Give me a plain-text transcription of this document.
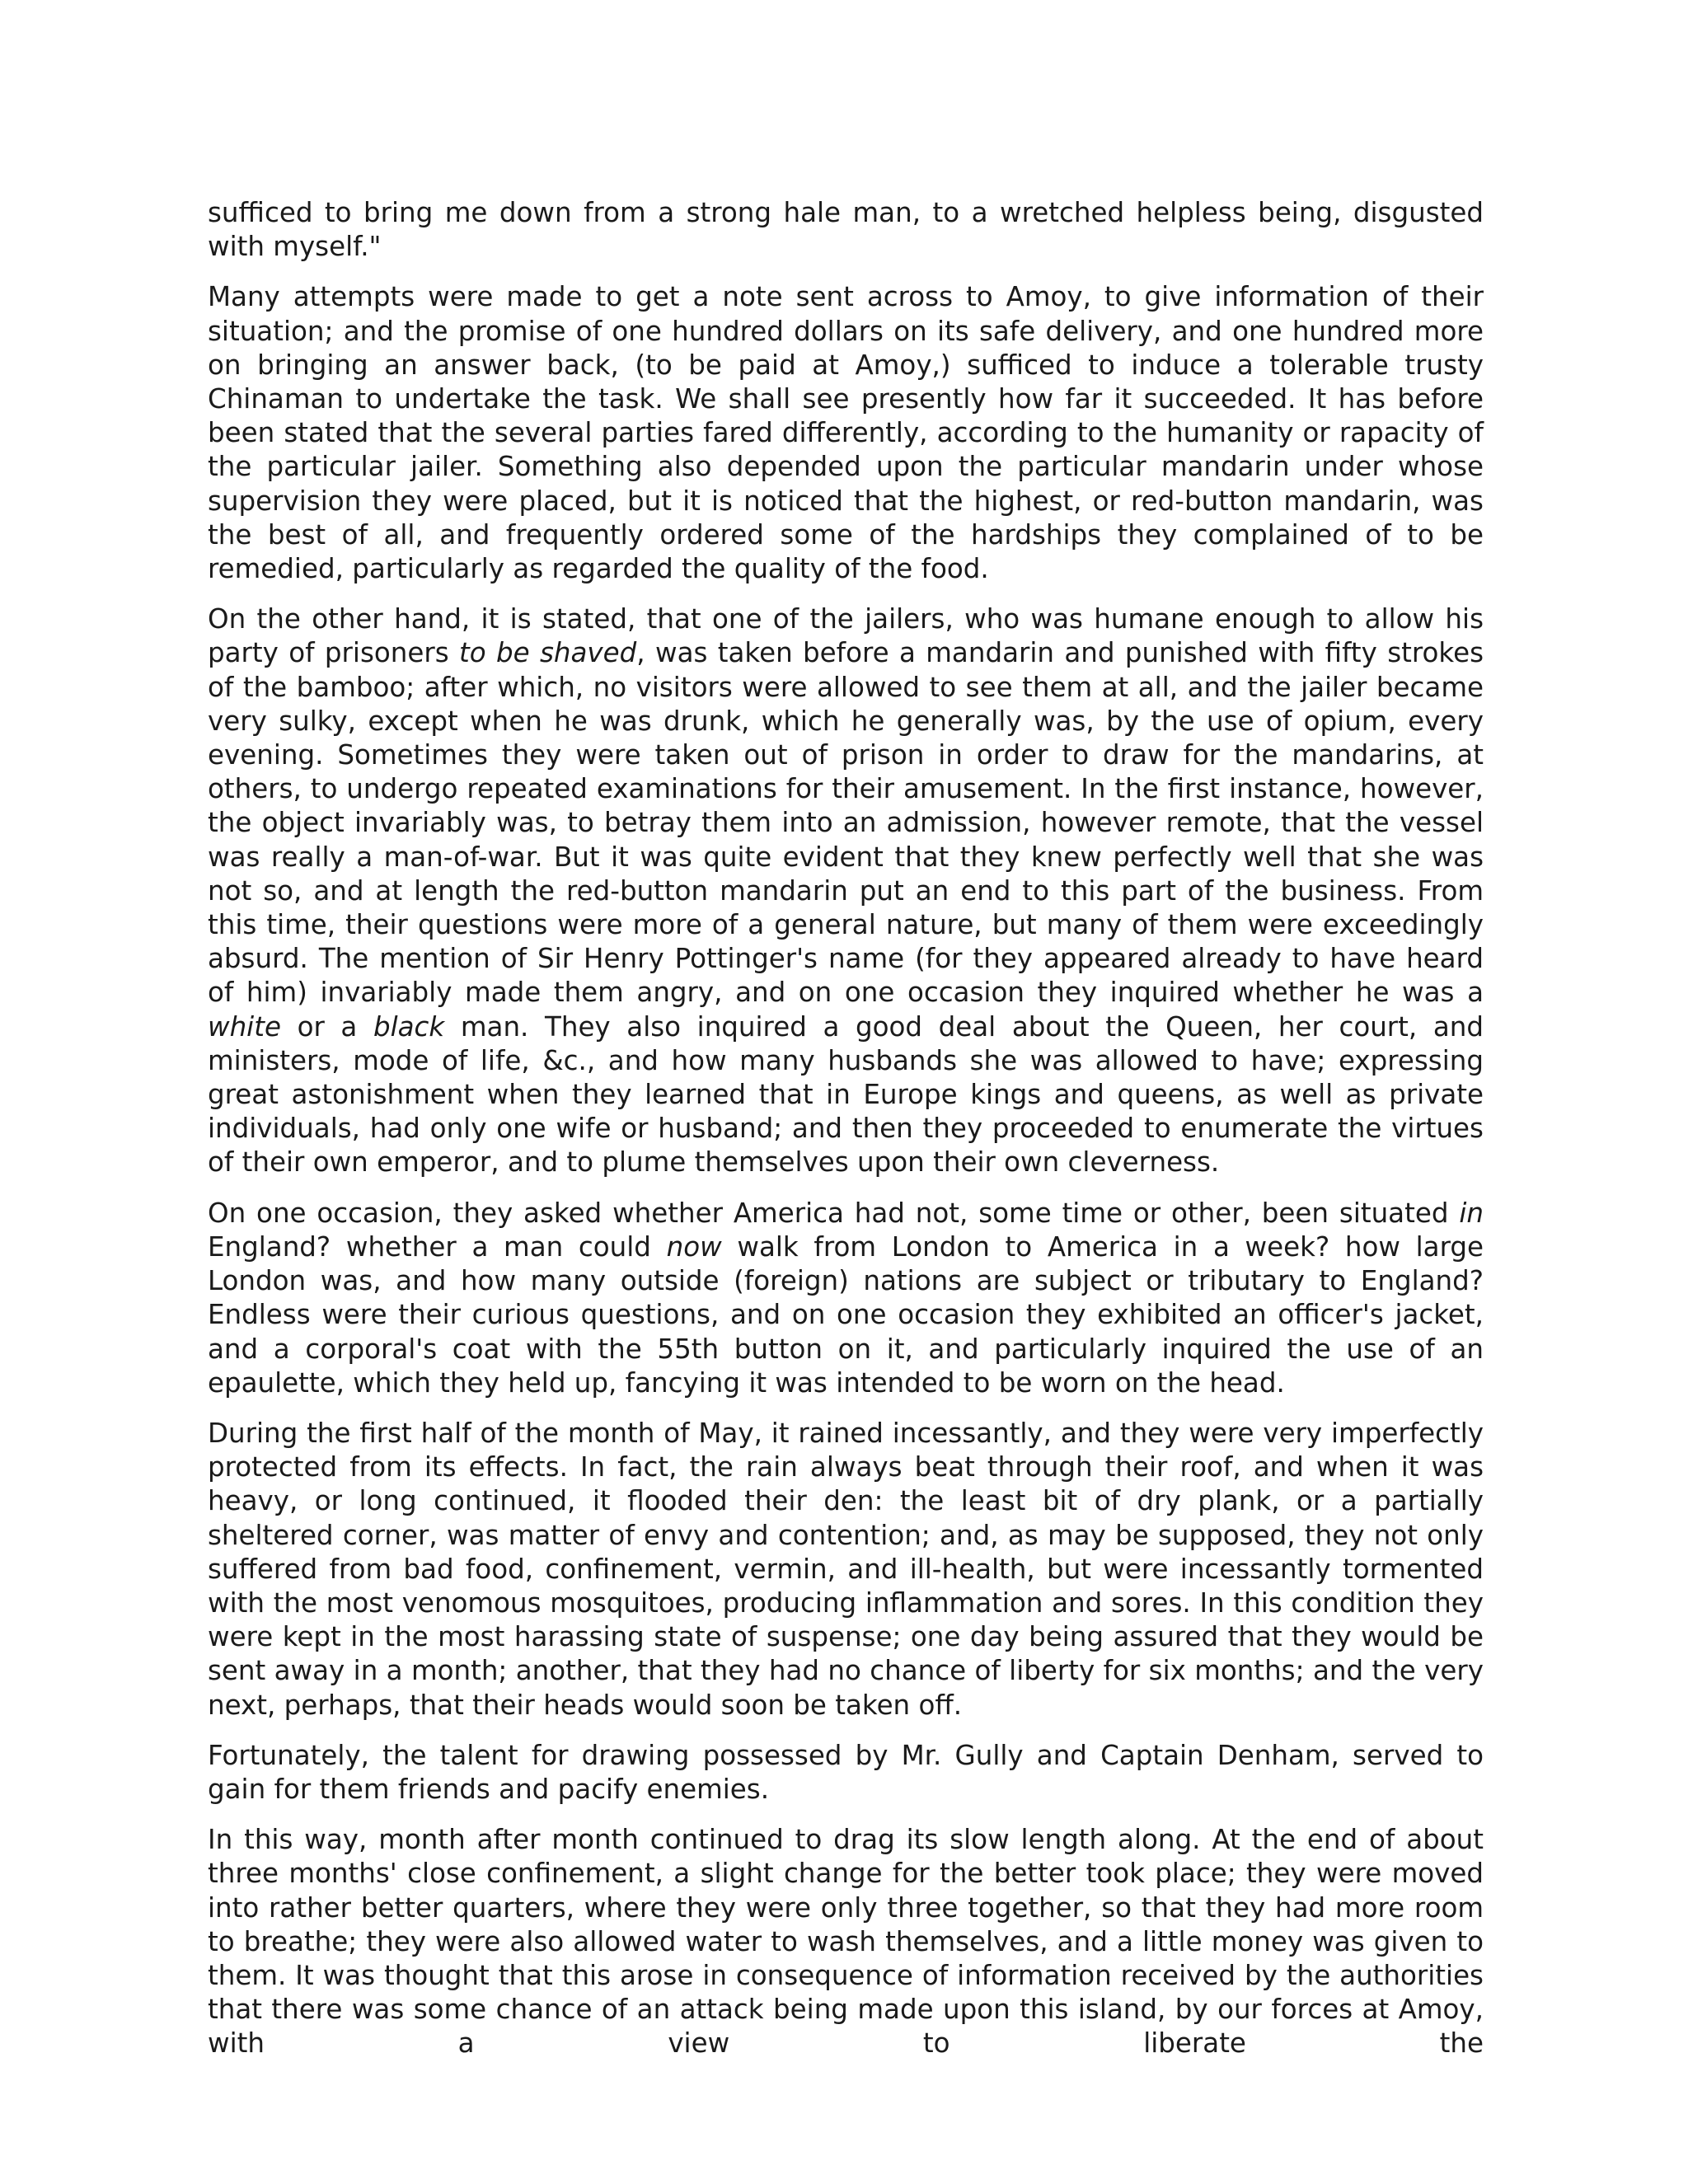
sufficed to bring me down from a strong hale man, to a wretched helpless being, disgusted with myself."

Many attempts were made to get a note sent across to Amoy, to give information of their situation; and the promise of one hundred dollars on its safe delivery, and one hundred more on bringing an answer back, (to be paid at Amoy,) sufficed to induce a tolerable trusty Chinaman to undertake the task. We shall see presently how far it succeeded. It has before been stated that the several parties fared differently, according to the humanity or rapacity of the particular jailer. Something also depended upon the particular mandarin under whose supervision they were placed, but it is noticed that the highest, or red-button mandarin, was the best of all, and frequently ordered some of the hardships they complained of to be remedied, particularly as regarded the quality of the food.

On the other hand, it is stated, that one of the jailers, who was humane enough to allow his party of prisoners to be shaved, was taken before a mandarin and punished with fifty strokes of the bamboo; after which, no visitors were allowed to see them at all, and the jailer became very sulky, except when he was drunk, which he generally was, by the use of opium, every evening. Sometimes they were taken out of prison in order to draw for the mandarins, at others, to undergo repeated examinations for their amusement. In the first instance, however, the object invariably was, to betray them into an admission, however remote, that the vessel was really a man-of-war. But it was quite evident that they knew perfectly well that she was not so, and at length the red-button mandarin put an end to this part of the business. From this time, their questions were more of a general nature, but many of them were exceedingly absurd. The mention of Sir Henry Pottinger's name (for they appeared already to have heard of him) invariably made them angry, and on one occasion they inquired whether he was a white or a black man. They also inquired a good deal about the Queen, her court, and ministers, mode of life, &c., and how many husbands she was allowed to have; expressing great astonishment when they learned that in Europe kings and queens, as well as private individuals, had only one wife or husband; and then they proceeded to enumerate the virtues of their own emperor, and to plume themselves upon their own cleverness.

On one occasion, they asked whether America had not, some time or other, been situated in England? whether a man could now walk from London to America in a week? how large London was, and how many outside (foreign) nations are subject or tributary to England? Endless were their curious questions, and on one occasion they exhibited an officer's jacket, and a corporal's coat with the 55th button on it, and particularly inquired the use of an epaulette, which they held up, fancying it was intended to be worn on the head.

During the first half of the month of May, it rained incessantly, and they were very imperfectly protected from its effects. In fact, the rain always beat through their roof, and when it was heavy, or long continued, it flooded their den: the least bit of dry plank, or a partially sheltered corner, was matter of envy and contention; and, as may be supposed, they not only suffered from bad food, confinement, vermin, and ill-health, but were incessantly tormented with the most venomous mosquitoes, producing inflammation and sores. In this condition they were kept in the most harassing state of suspense; one day being assured that they would be sent away in a month; another, that they had no chance of liberty for six months; and the very next, perhaps, that their heads would soon be taken off.

Fortunately, the talent for drawing possessed by Mr. Gully and Captain Denham, served to gain for them friends and pacify enemies.

In this way, month after month continued to drag its slow length along. At the end of about three months' close confinement, a slight change for the better took place; they were moved into rather better quarters, where they were only three together, so that they had more room to breathe; they were also allowed water to wash themselves, and a little money was given to them. It was thought that this arose in consequence of information received by the authorities that there was some chance of an attack being made upon this island, by our forces at Amoy, with a view to liberate the
